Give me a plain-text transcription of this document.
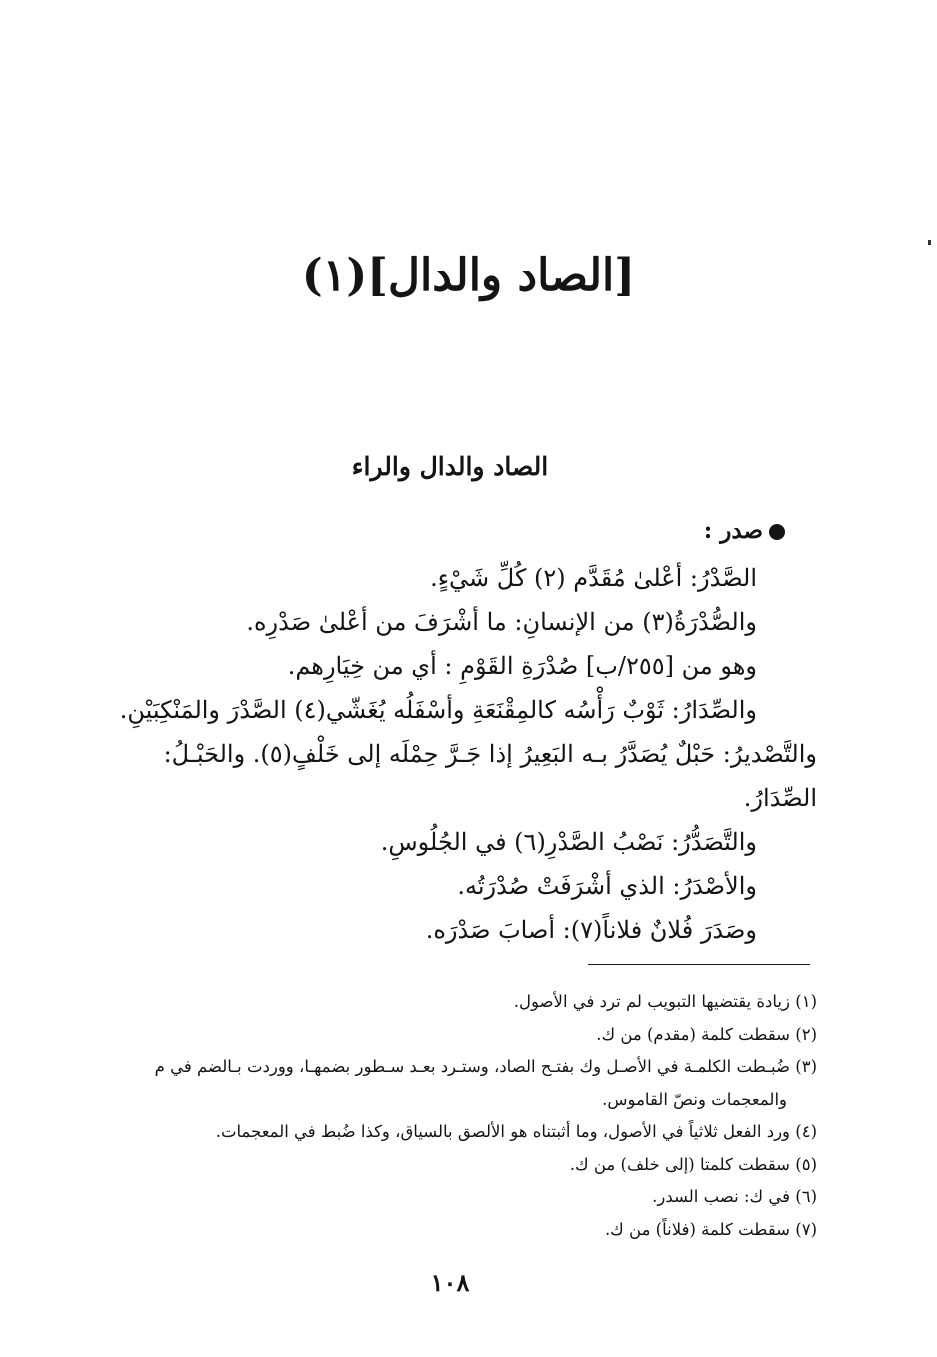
[الصاد والدال](١)
الصاد والدال والراء
صدر :
الصَّدْرُ: أعْلىٰ مُقَدَّم (٢) كُلِّ شَيْءٍ.
والصُّدْرَةُ(٣) من الإنسانِ: ما أشْرَفَ من أعْلىٰ صَدْرِه.
وهو من [٢٥٥/ب] صُدْرَةِ القَوْمِ : أي من خِيَارِهم.
والصِّدَارُ: ثَوْبٌ رَأْسُه كالمِقْنَعَةِ وأسْفَلُه يُغَشّي(٤) الصَّدْرَ والمَنْكِبَيْنِ.
والتَّصْديرُ: حَبْلٌ يُصَدَّرُ بـه البَعِيرُ إذا جَـرَّ حِمْلَه إلى خَلْفٍ(٥). والحَبْـلُ:
الصِّدَارُ.
والتَّصَدُّرُ: نَصْبُ الصَّدْرِ(٦) في الجُلُوسِ.
والأصْدَرُ: الذي أشْرَفَتْ صُدْرَتُه.
وصَدَرَ فُلانٌ فلاناً(٧): أصابَ صَدْرَه.
(١) زيادة يقتضيها التبويب لم ترد في الأصول.
(٢) سقطت كلمة (مقدم) من ك.
(٣) ضُبـطت الكلمـة في الأصـل وك بفتـح الصاد، وستـرد بعـد سـطور بضمهـا، ووردت بـالضم في م
والمعجمات ونصّ القاموس.
(٤) ورد الفعل ثلاثياً في الأصول، وما أثبتناه هو الألصق بالسياق، وكذا ضُبط في المعجمات.
(٥) سقطت كلمتا (إلى خلف) من ك.
(٦) في ك: نصب السدر.
(٧) سقطت كلمة (فلاناً) من ك.
١٠٨
